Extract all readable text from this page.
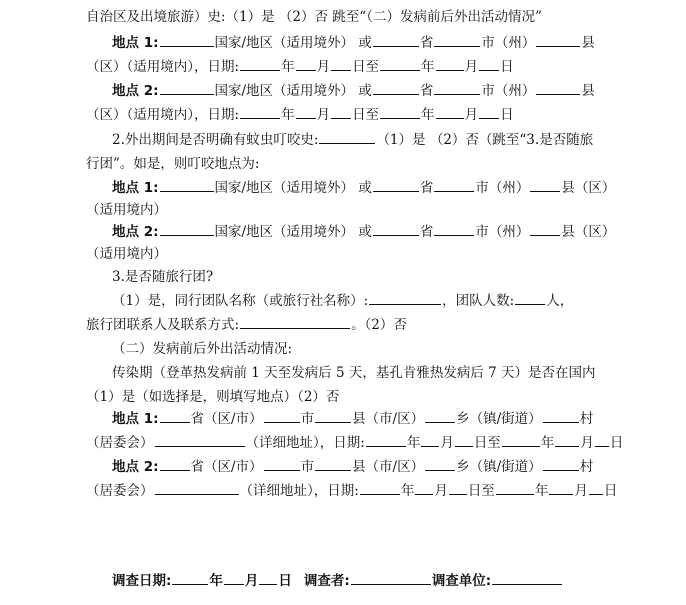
自治区及出境旅游）史:（1）是 （2）否 跳至“（二）发病前后外出活动情况”
地点 1:	国家/地区（适用境外） 或	省	市（州）	县
（区）（适用境内），日期:	年 月 日至	年 月 日
地点 2:	国家/地区（适用境外） 或	省	市（州）	县
（区）（适用境内），日期:	年 月 日至	年 月 日
2.外出期间是否明确有蚊虫叮咬史:	（1）是 （2）否（跳至“3.是否随旅
行团”。如是，则叮咬地点为:
地点 1:	国家/地区（适用境外） 或	省	市（州） 县（区）
（适用境内）
地点 2:	国家/地区（适用境外） 或	省	市（州） 县（区）
（适用境内）
3.是否随旅行团?
（1）是，同行团队名称（或旅行社名称）:	，团队人数: 人，
旅行团联系人及联系方式:	。（2）否
（二）发病前后外出活动情况:
传染期（登革热发病前 1 天至发病后 5 天，基孔肯雅热发病后 7 天）是否在国内
（1）是（如选择是，则填写地点）（2）否
地点 1: 省（区/市）	市	县（市/区） 乡（镇/街道）	村
（居委会）	（详细地址），日期:	年 月 日至	年 月 日
地点 2: 省（区/市）	市	县（市/区） 乡（镇/街道）	村
（居委会）	（详细地址），日期:	年 月 日至	年 月 日
调查日期:	年 月 日 调查者:	调查单位:
